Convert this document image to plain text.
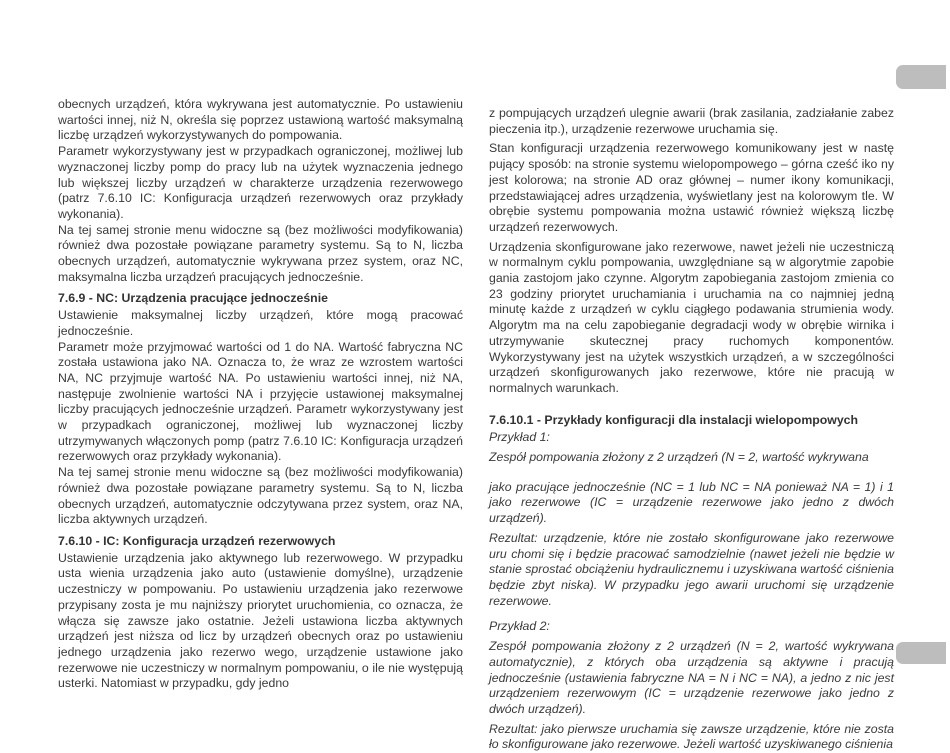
obecnych urządzeń, która wykrywana jest automatycznie. Po ustawieniu wartości innej, niż N, określa się poprzez ustawioną wartość maksymalną liczbę urządzeń wykorzystywanych do pompowania.

Parametr wykorzystywany jest w przypadkach ograniczonej, możliwej lub wyznaczonej liczby pomp do pracy lub na użytek wyznaczenia jednego lub większej liczby urządzeń w charakterze urządzenia rezerwowego (patrz 7.6.10 IC: Konfiguracja urządzeń rezerwowych oraz przykłady wykonania).

Na tej samej stronie menu widoczne są (bez możliwości modyfikowania) również dwa pozostałe powiązane parametry systemu. Są to N, liczba obecnych urządzeń, automatycznie wykrywana przez system, oraz NC, maksymalna liczba urządzeń pracujących jednocześnie.

7.6.9 - NC: Urządzenia pracujące jednocześnie

Ustawienie maksymalnej liczby urządzeń, które mogą pracować jednocześnie.

Parametr może przyjmować wartości od 1 do NA. Wartość fabryczna NC została ustawiona jako NA. Oznacza to, że wraz ze wzrostem wartości NA, NC przyjmuje wartość NA. Po ustawieniu wartości innej, niż NA, następuje zwolnienie wartości NA i przyjęcie ustawionej maksymalnej liczby pracujących jednocześnie urządzeń. Parametr wykorzystywany jest w przypadkach ograniczonej, możliwej lub wyznaczonej liczby utrzymywanych włączonych pomp (patrz 7.6.10 IC: Konfiguracja urządzeń rezerwowych oraz przykłady wykonania).

Na tej samej stronie menu widoczne są (bez możliwości modyfikowania) również dwa pozostałe powiązane parametry systemu. Są to N, liczba obecnych urządzeń, automatycznie odczytywana przez system, oraz NA, liczba aktywnych urządzeń.

7.6.10 - IC: Konfiguracja urządzeń rezerwowych

Ustawienie urządzenia jako aktywnego lub rezerwowego. W przypadku usta wienia urządzenia jako auto (ustawienie domyślne), urządzenie uczestniczy w pompowaniu. Po ustawieniu urządzenia jako rezerwowe przypisany zosta je mu najniższy priorytet uruchomienia, co oznacza, że włącza się zawsze jako ostatnie. Jeżeli ustawiona liczba aktywnych urządzeń jest niższa od licz by urządzeń obecnych oraz po ustawieniu jednego urządzenia jako rezerwo wego, urządzenie ustawione jako rezerwowe nie uczestniczy w normalnym pompowaniu, o ile nie występują usterki. Natomiast w przypadku, gdy jedno

z pompujących urządzeń ulegnie awarii (brak zasilania, zadziałanie zabez pieczenia itp.), urządzenie rezerwowe uruchamia się.

Stan konfiguracji urządzenia rezerwowego komunikowany jest w nastę pujący sposób: na stronie systemu wielopompowego – górna cześć iko ny jest kolorowa; na stronie AD oraz głównej – numer ikony komunikacji, przedstawiającej adres urządzenia, wyświetlany jest na kolorowym tle. W obrębie systemu pompowania można ustawić również większą liczbę urządzeń rezerwowych.

Urządzenia skonfigurowane jako rezerwowe, nawet jeżeli nie uczestniczą w normalnym cyklu pompowania, uwzględniane są w algorytmie zapobie gania zastojom jako czynne. Algorytm zapobiegania zastojom zmienia co 23 godziny priorytet uruchamiania i uruchamia na co najmniej jedną minutę każde z urządzeń w cyklu ciągłego podawania strumienia wody. Algorytm ma na celu zapobieganie degradacji wody w obrębie wirnika i utrzymywanie skutecznej pracy ruchomych komponentów. Wykorzystywany jest na użytek wszystkich urządzeń, a w szczególności urządzeń skonfigurowanych jako rezerwowe, które nie pracują w normalnych warunkach.

7.6.10.1 - Przykłady konfiguracji dla instalacji wielopompowych

Przykład 1:

Zespół pompowania złożony z 2 urządzeń (N = 2, wartość wykrywana

jako pracujące jednocześnie (NC = 1 lub NC = NA ponieważ NA = 1) i 1 jako rezerwowe (IC = urządzenie rezerwowe jako jedno z dwóch urządzeń).

Rezultat: urządzenie, które nie zostało skonfigurowane jako rezerwowe uru chomi się i będzie pracować samodzielnie (nawet jeżeli nie będzie w stanie sprostać obciążeniu hydraulicznemu i uzyskiwana wartość ciśnienia będzie zbyt niska). W przypadku jego awarii uruchomi się urządzenie rezerwowe.

Przykład 2:

Zespół pompowania złożony z 2 urządzeń (N = 2, wartość wykrywana automatycznie), z których oba urządzenia są aktywne i pracują jednocześnie (ustawienia fabryczne NA = N i NC = NA), a jedno z nic jest urządzeniem rezerwowym (IC = urządzenie rezerwowe jako jedno z dwóch urządzeń).

Rezultat: jako pierwsze uruchamia się zawsze urządzenie, które nie zosta ło skonfigurowane jako rezerwowe. Jeżeli wartość uzyskiwanego ciśnienia
